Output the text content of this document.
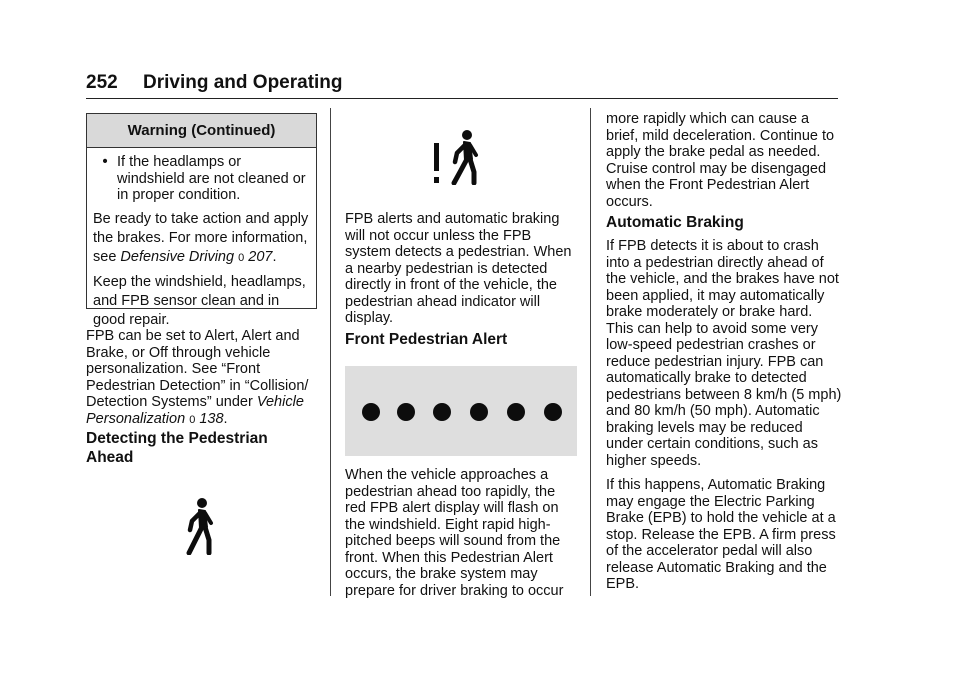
252 Driving and Operating
Warning (Continued)
• If the headlamps or windshield are not cleaned or in proper condition.

Be ready to take action and apply the brakes. For more information, see Defensive Driving 0 207.

Keep the windshield, headlamps, and FPB sensor clean and in good repair.

FPB can be set to Alert, Alert and Brake, or Off through vehicle personalization. See “Front Pedestrian Detection” in “Collision/ Detection Systems” under Vehicle Personalization 0 138.

Detecting the Pedestrian Ahead
FPB alerts and automatic braking will not occur unless the FPB system detects a pedestrian. When a nearby pedestrian is detected directly in front of the vehicle, the pedestrian ahead indicator will display.
Front Pedestrian Alert
When the vehicle approaches a pedestrian ahead too rapidly, the red FPB alert display will flash on the windshield. Eight rapid high-pitched beeps will sound from the front. When this Pedestrian Alert occurs, the brake system may prepare for driver braking to occur
more rapidly which can cause a brief, mild deceleration. Continue to apply the brake pedal as needed. Cruise control may be disengaged when the Front Pedestrian Alert occurs.
Automatic Braking

If FPB detects it is about to crash into a pedestrian directly ahead of the vehicle, and the brakes have not been applied, it may automatically brake moderately or brake hard. This can help to avoid some very low-speed pedestrian crashes or reduce pedestrian injury. FPB can automatically brake to detected pedestrians between 8 km/h (5 mph) and 80 km/h (50 mph). Automatic braking levels may be reduced under certain conditions, such as higher speeds.

If this happens, Automatic Braking may engage the Electric Parking Brake (EPB) to hold the vehicle at a stop. Release the EPB. A firm press of the accelerator pedal will also release Automatic Braking and the EPB.
